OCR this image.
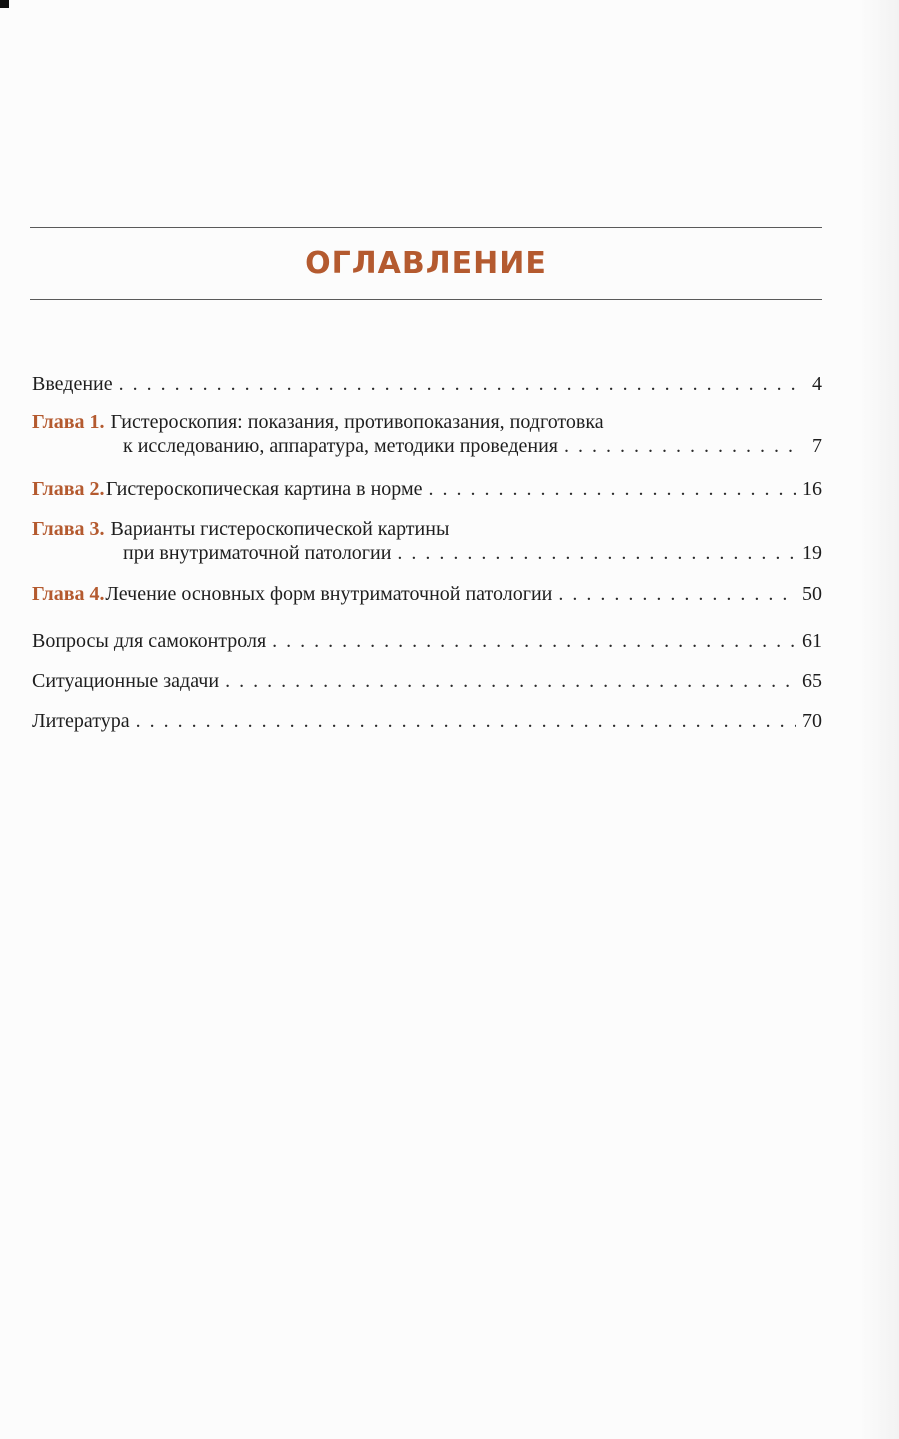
ОГЛАВЛЕНИЕ
Введение . . .	4
Глава 1. Гистероскопия: показания, противопоказания, подготовка
к исследованию, аппаратура, методики проведения . . .	7
Глава 2. Гистероскопическая картина в норме . . .	16
Глава 3. Варианты гистероскопической картины
при внутриматочной патологии . . .	19
Глава 4. Лечение основных форм внутриматочной патологии . . .	50
Вопросы для самоконтроля . . .	61
Ситуационные задачи . . .	65
Литература . . .	70
